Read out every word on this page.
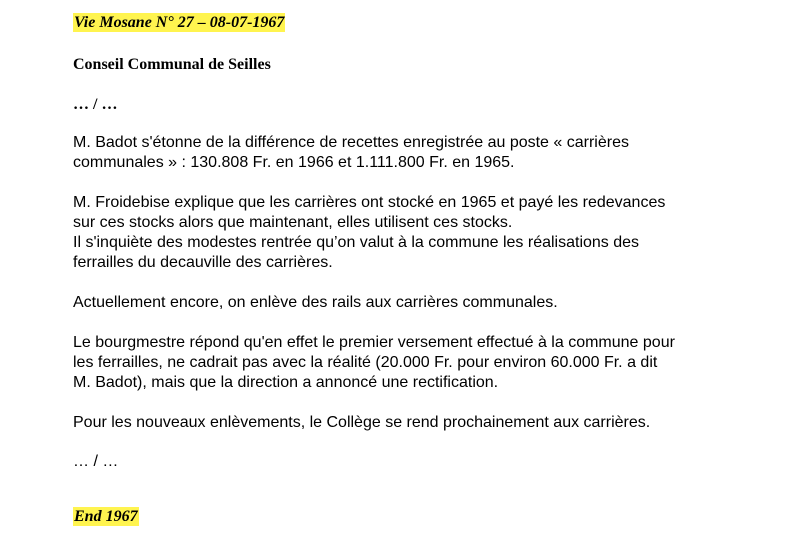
Vie Mosane N° 27 – 08-07-1967
Conseil Communal de Seilles
… / …

M. Badot s'étonne de la différence de recettes enregistrée au poste « carrières
communales » : 130.808 Fr. en 1966 et 1.111.800 Fr. en 1965.

M. Froidebise explique que les carrières ont stocké en 1965 et payé les redevances
sur ces stocks alors que maintenant, elles utilisent ces stocks.
Il s'inquiète des modestes rentrée qu’on valut à la commune les réalisations des
ferrailles du decauville des carrières.

Actuellement encore, on enlève des rails aux carrières communales.

Le bourgmestre répond qu'en effet le premier versement effectué à la commune pour
les ferrailles, ne cadrait pas avec la réalité (20.000 Fr. pour environ 60.000 Fr. a dit
M. Badot), mais que la direction a annoncé une rectification.

Pour les nouveaux enlèvements, le Collège se rend prochainement aux carrières.

… / …
End 1967
